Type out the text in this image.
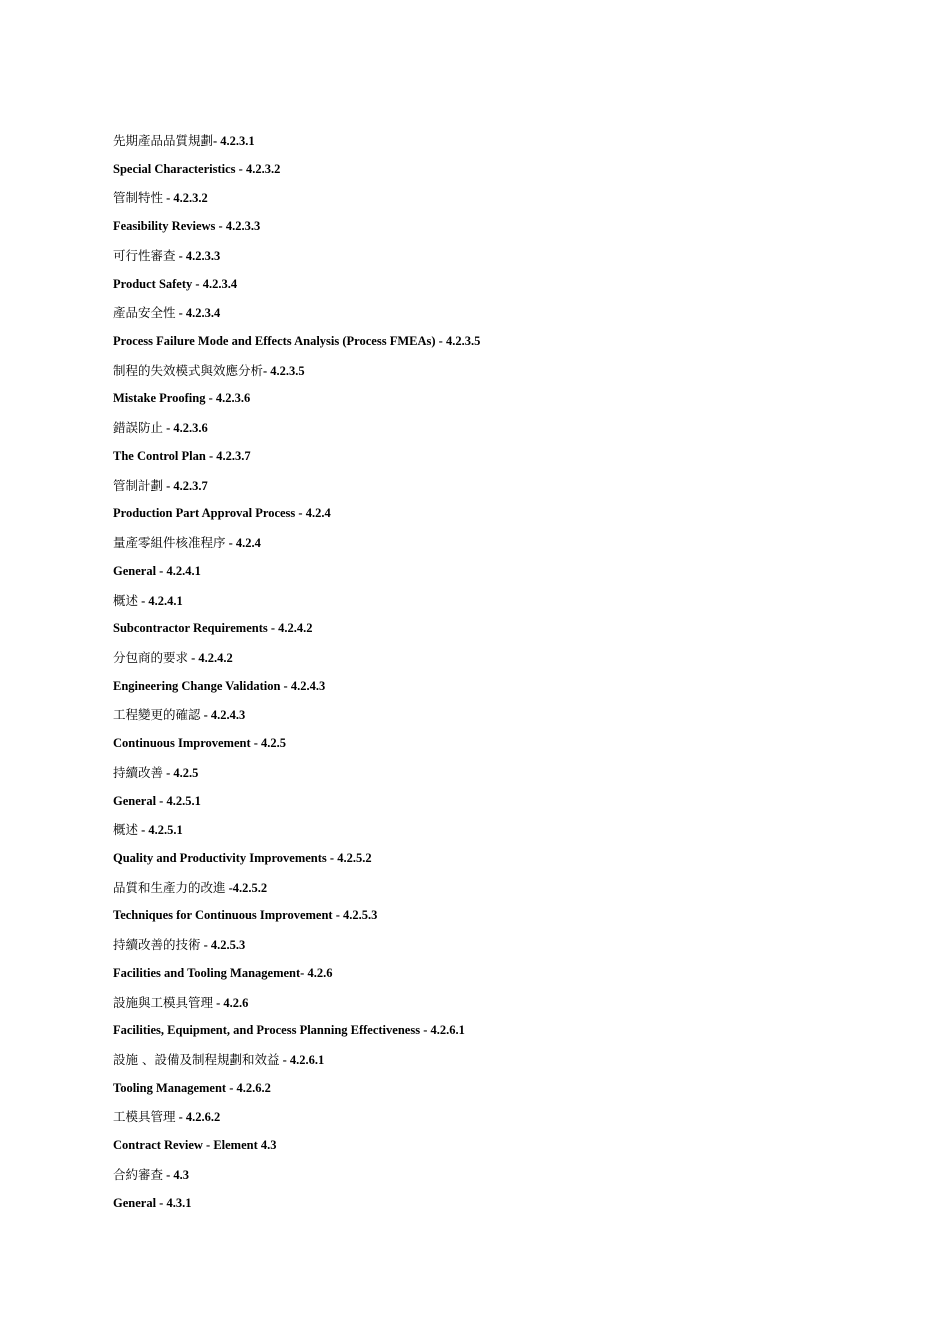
先期產品品質規劃- 4.2.3.1
Special Characteristics - 4.2.3.2
管制特性 - 4.2.3.2
Feasibility Reviews - 4.2.3.3
可行性審查 - 4.2.3.3
Product Safety - 4.2.3.4
產品安全性 - 4.2.3.4
Process Failure Mode and Effects Analysis (Process FMEAs) - 4.2.3.5
制程的失效模式與效應分析- 4.2.3.5
Mistake Proofing - 4.2.3.6
錯誤防止 - 4.2.3.6
The Control Plan - 4.2.3.7
管制計劃 - 4.2.3.7
Production Part Approval Process - 4.2.4
量產零組件核准程序 - 4.2.4
General - 4.2.4.1
概述 - 4.2.4.1
Subcontractor Requirements - 4.2.4.2
分包商的要求 - 4.2.4.2
Engineering Change Validation - 4.2.4.3
工程變更的確認 - 4.2.4.3
Continuous Improvement - 4.2.5
持續改善 - 4.2.5
General - 4.2.5.1
概述 - 4.2.5.1
Quality and Productivity Improvements - 4.2.5.2
品質和生產力的改進 -4.2.5.2
Techniques for Continuous Improvement - 4.2.5.3
持續改善的技術 - 4.2.5.3
Facilities and Tooling Management- 4.2.6
設施與工模具管理 - 4.2.6
Facilities, Equipment, and Process Planning Effectiveness - 4.2.6.1
設施 、設備及制程規劃和效益 - 4.2.6.1
Tooling Management - 4.2.6.2
工模具管理 - 4.2.6.2
Contract Review - Element 4.3
合約審查 - 4.3
General - 4.3.1
